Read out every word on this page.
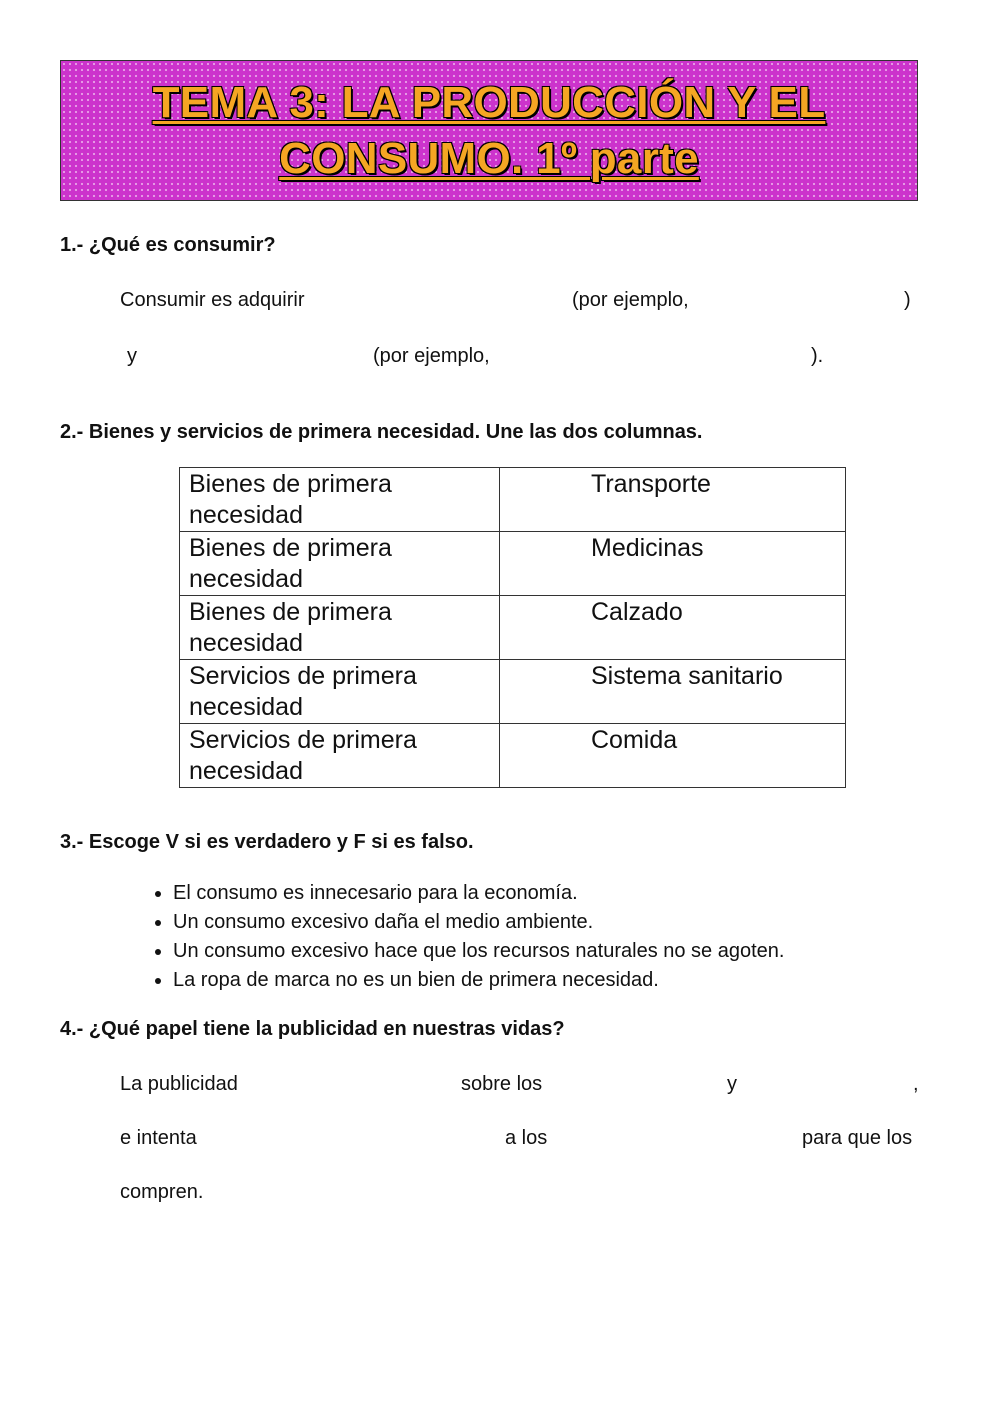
TEMA 3: LA PRODUCCIÓN Y EL
CONSUMO. 1º parte
1.- ¿Qué es consumir?
Consumir es adquirir	(por ejemplo,	)
y	(por ejemplo,	).
2.- Bienes y servicios de primera necesidad. Une las dos columnas.
Bienes de primera necesidad	Transporte
Bienes de primera necesidad	Medicinas
Bienes de primera necesidad	Calzado
Servicios de primera necesidad	Sistema sanitario
Servicios de primera necesidad	Comida
3.- Escoge V si es verdadero y F si es falso.
• El consumo es innecesario para la economía.
• Un consumo excesivo daña el medio ambiente.
• Un consumo excesivo hace que los recursos naturales no se agoten.
• La ropa de marca no es un bien de primera necesidad.
4.- ¿Qué papel tiene la publicidad en nuestras vidas?
La publicidad	sobre los	y	,
e intenta	a los	para que los
compren.
